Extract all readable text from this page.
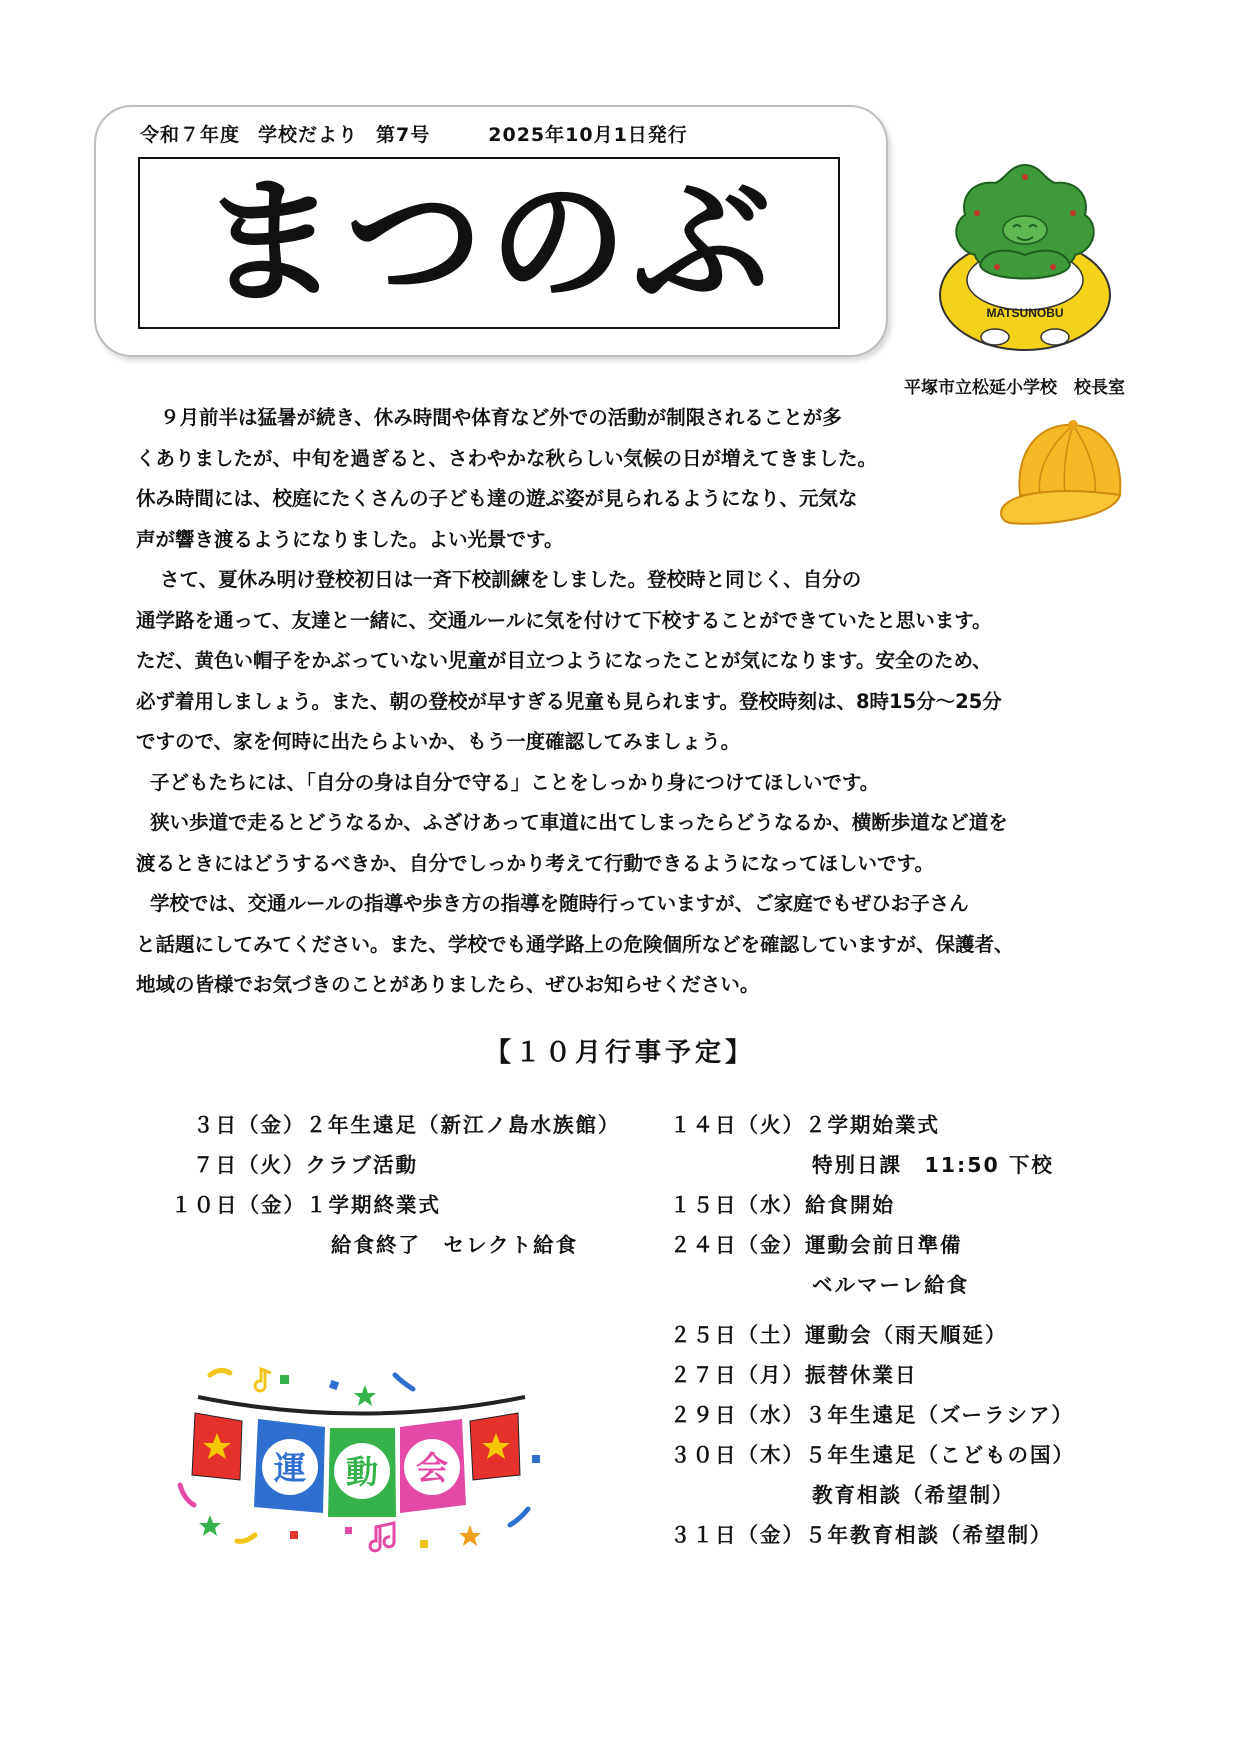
令和７年度 学校だより 第7号	2025年10月1日発行
まつのぶ	MATSUNOBU
平塚市立松延小学校　校長室

９月前半は猛暑が続き、休み時間や体育など外での活動が制限されることが多

くありましたが、中旬を過ぎると、さわやかな秋らしい気候の日が増えてきました。

休み時間には、校庭にたくさんの子ども達の遊ぶ姿が見られるようになり、元気な

声が響き渡るようになりました。よい光景です。

さて、夏休み明け登校初日は一斉下校訓練をしました。登校時と同じく、自分の

通学路を通って、友達と一緒に、交通ルールに気を付けて下校することができていたと思います。

ただ、黄色い帽子をかぶっていない児童が目立つようになったことが気になります。安全のため、

必ず着用しましょう。また、朝の登校が早すぎる児童も見られます。登校時刻は、8時15分～25分

ですので、家を何時に出たらよいか、もう一度確認してみましょう。

子どもたちには、「自分の身は自分で守る」ことをしっかり身につけてほしいです。

狭い歩道で走るとどうなるか、ふざけあって車道に出てしまったらどうなるか、横断歩道など道を

渡るときにはどうするべきか、自分でしっかり考えて行動できるようになってほしいです。

学校では、交通ルールの指導や歩き方の指導を随時行っていますが、ご家庭でもぜひお子さん

と話題にしてみてください。また、学校でも通学路上の危険個所などを確認していますが、保護者、

地域の皆様でお気づきのことがありましたら、ぜひお知らせください。

【１０月行事予定】
３日（金）２年生遠足（新江ノ島水族館）
７日（火）クラブ活動
１０日（金）１学期終業式
給食終了　セレクト給食
１４日（火）２学期始業式
特別日課　11:50 下校
１５日（水）給食開始
２４日（金）運動会前日準備
ベルマーレ給食
２５日（土）運動会（雨天順延）
２７日（月）振替休業日
２９日（水）３年生遠足（ズーラシア）
３０日（木）５年生遠足（こどもの国）
教育相談（希望制）
３１日（金）５年教育相談（希望制）
運 動 会
